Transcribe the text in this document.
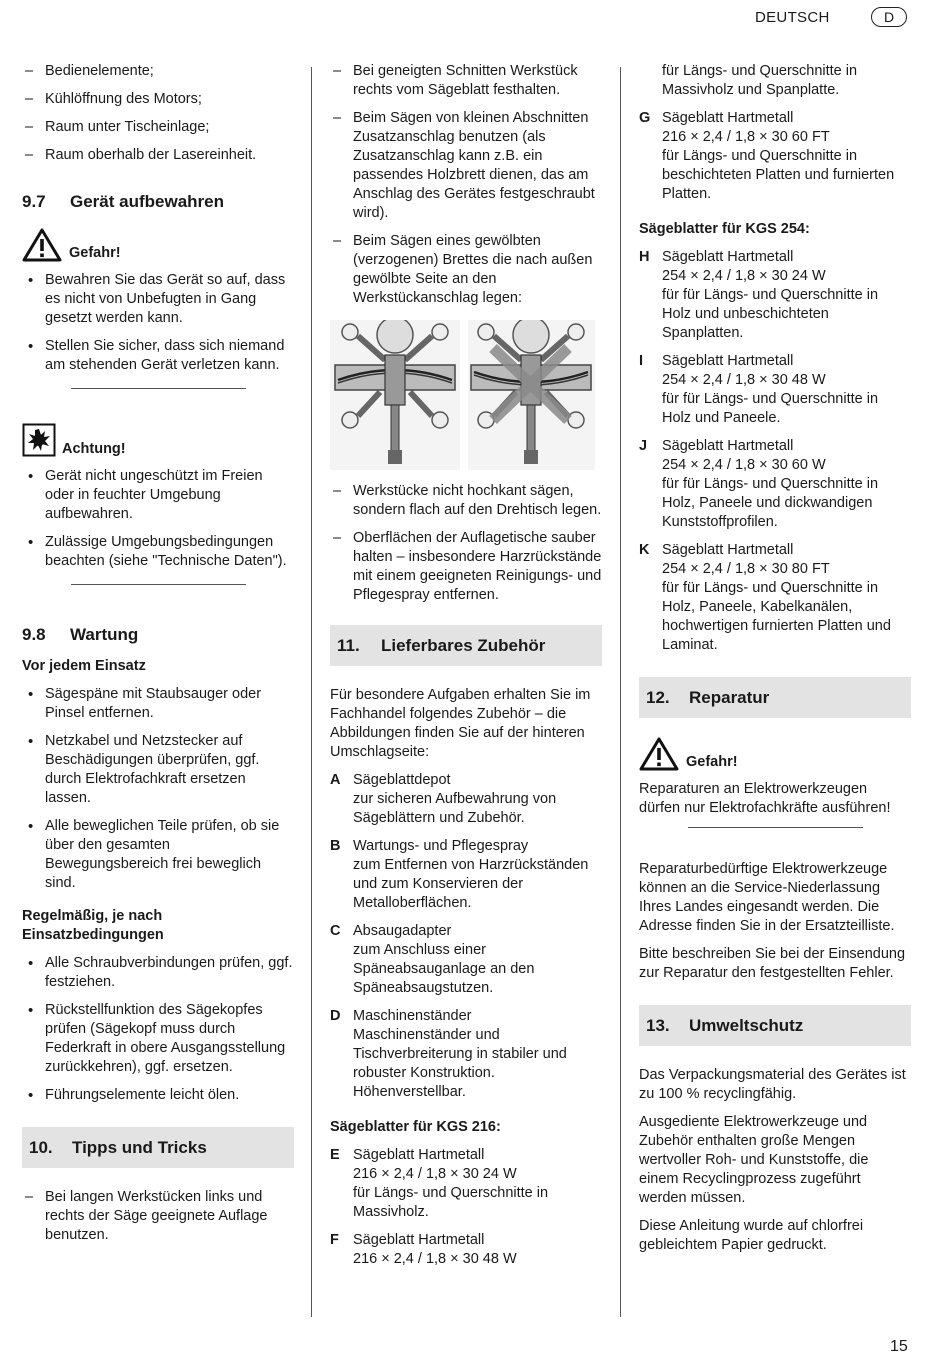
DEUTSCH	D
– Bedienelemente;
– Kühlöffnung des Motors;
– Raum unter Tischeinlage;
– Raum oberhalb der Lasereinheit.
9.7 Gerät aufbewahren
Gefahr!
• Bewahren Sie das Gerät so auf, dass es nicht von Unbefugten in Gang gesetzt werden kann.
• Stellen Sie sicher, dass sich niemand am stehenden Gerät verletzen kann.
Achtung!
• Gerät nicht ungeschützt im Freien oder in feuchter Umgebung aufbewahren.
• Zulässige Umgebungsbedingungen beachten (siehe "Technische Daten").
9.8 Wartung
Vor jedem Einsatz
• Sägespäne mit Staubsauger oder Pinsel entfernen.
• Netzkabel und Netzstecker auf Beschädigungen überprüfen, ggf. durch Elektrofachkraft ersetzen lassen.
• Alle beweglichen Teile prüfen, ob sie über den gesamten Bewegungsbereich frei beweglich sind.
Regelmäßig, je nach Einsatzbedingungen
• Alle Schraubverbindungen prüfen, ggf. festziehen.
• Rückstellfunktion des Sägekopfes prüfen (Sägekopf muss durch Federkraft in obere Ausgangsstellung zurückkehren), ggf. ersetzen.
• Führungselemente leicht ölen.
10. Tipps und Tricks
– Bei langen Werkstücken links und rechts der Säge geeignete Auflage benutzen.
– Bei geneigten Schnitten Werkstück rechts vom Sägeblatt festhalten.
– Beim Sägen von kleinen Abschnitten Zusatzanschlag benutzen (als Zusatzanschlag kann z.B. ein passendes Holzbrett dienen, das am Anschlag des Gerätes festgeschraubt wird).
– Beim Sägen eines gewölbten (verzogenen) Brettes die nach außen gewölbte Seite an den Werkstückanschlag legen:
– Werkstücke nicht hochkant sägen, sondern flach auf den Drehtisch legen.
– Oberflächen der Auflagetische sauber halten – insbesondere Harzrückstände mit einem geeigneten Reinigungs- und Pflegespray entfernen.
11. Lieferbares Zubehör
Für besondere Aufgaben erhalten Sie im Fachhandel folgendes Zubehör – die Abbildungen finden Sie auf der hinteren Umschlagseite:
A Sägeblattdepot
zur sicheren Aufbewahrung von Sägeblättern und Zubehör.
B Wartungs- und Pflegespray
zum Entfernen von Harzrückständen und zum Konservieren der Metalloberflächen.
C Absaugadapter
zum Anschluss einer Späneabsauganlage an den Späneabsaugstutzen.
D Maschinenständer
Maschinenständer und Tischverbreiterung in stabiler und robuster Konstruktion. Höhenverstellbar.
Sägeblatter für KGS 216:
E Sägeblatt Hartmetall
216 × 2,4 / 1,8 × 30 24 W
für Längs- und Querschnitte in Massivholz.
F Sägeblatt Hartmetall
216 × 2,4 / 1,8 × 30 48 W
für Längs- und Querschnitte in Massivholz und Spanplatte.
G Sägeblatt Hartmetall
216 × 2,4 / 1,8 × 30 60 FT
für Längs- und Querschnitte in beschichteten Platten und furnierten Platten.
Sägeblatter für KGS 254:
H Sägeblatt Hartmetall
254 × 2,4 / 1,8 × 30 24 W
für für Längs- und Querschnitte in Holz und unbeschichteten Spanplatten.
I Sägeblatt Hartmetall
254 × 2,4 / 1,8 × 30 48 W
für für Längs- und Querschnitte in Holz und Paneele.
J Sägeblatt Hartmetall
254 × 2,4 / 1,8 × 30 60 W
für für Längs- und Querschnitte in Holz, Paneele und dickwandigen Kunststoffprofilen.
K Sägeblatt Hartmetall
254 × 2,4 / 1,8 × 30 80 FT
für für Längs- und Querschnitte in Holz, Paneele, Kabelkanälen, hochwertigen furnierten Platten und Laminat.
12. Reparatur
Gefahr!
Reparaturen an Elektrowerkzeugen dürfen nur Elektrofachkräfte ausführen!
Reparaturbedürftige Elektrowerkzeuge können an die Service-Niederlassung Ihres Landes eingesandt werden. Die Adresse finden Sie in der Ersatzteilliste.
Bitte beschreiben Sie bei der Einsendung zur Reparatur den festgestellten Fehler.
13. Umweltschutz
Das Verpackungsmaterial des Gerätes ist zu 100 % recyclingfähig.
Ausgediente Elektrowerkzeuge und Zubehör enthalten große Mengen wertvoller Roh- und Kunststoffe, die einem Recyclingprozess zugeführt werden müssen.
Diese Anleitung wurde auf chlorfrei gebleichtem Papier gedruckt.
15
